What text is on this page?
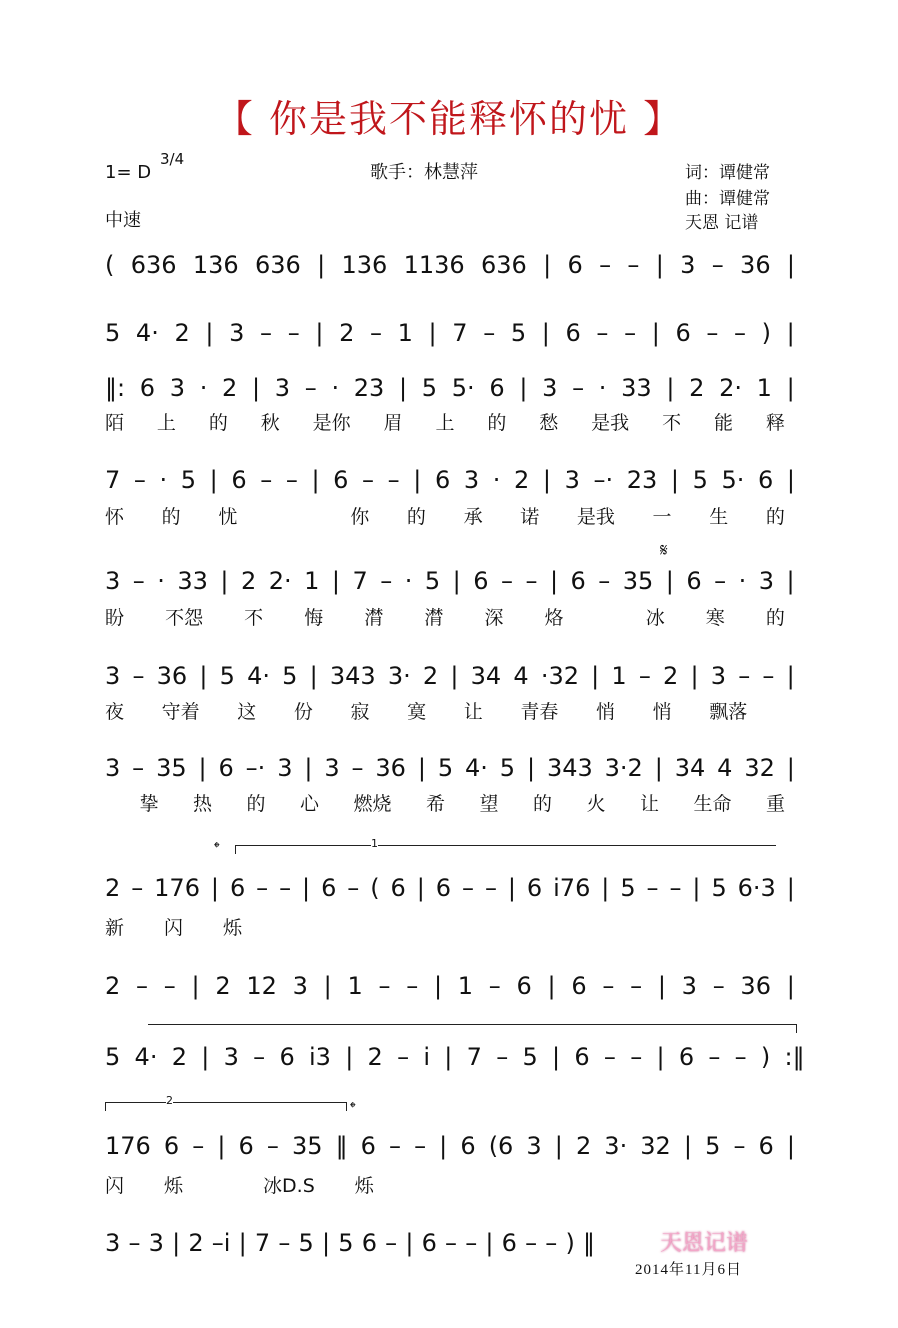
【 你是我不能释怀的忧 】
1= D
3/4
中速
歌手：林慧萍	词：谭健常
曲：谭健常
天恩 记谱
𝄋
𝄌
𝄌
1
2
( 636 136 636 | 136 1136 636 | 6 – – | 3 – 36 |
5 4· 2 | 3 – – | 2 – 1 | 7 – 5 | 6 – – | 6 – – ) |
‖: 6 3 · 2 | 3 – · 23 | 5 5· 6 | 3 – · 33 | 2 2· 1 |
陌 上 的 秋 是你 眉 上 的 愁 是我 不 能 释
7 – · 5 | 6 – – | 6 – – | 6 3 · 2 | 3 –· 23 | 5 5· 6 |
怀 的 忧	你 的 承 诺 是我 一 生 的
3 – · 33 | 2 2· 1 | 7 – · 5 | 6 – – | 6 – 35 | 6 – · 3 |
盼 不怨 不 悔 潸 潸 深 烙	冰 寒 的
3 – 36 | 5 4· 5 | 343 3· 2 | 34 4 ·32 | 1 – 2 | 3 – – |
夜 守着 这 份 寂 寞 让 青春 悄 悄 飘落
3 – 35 | 6 –· 3 | 3 – 36 | 5 4· 5 | 343 3·2 | 34 4 32 |
挚 热 的 心 燃烧 希 望 的 火 让 生命 重
2 – 176 | 6 – – | 6 – ( 6 | 6 – – | 6 i76 | 5 – – | 5 6·3 |
新 闪 烁
2 – – | 2 12 3 | 1 – – | 1 – 6 | 6 – – | 3 – 36 |
5 4· 2 | 3 – 6 i3 | 2 – i | 7 – 5 | 6 – – | 6 – – ) :‖
176 6 – | 6 – 35 ‖ 6 – – | 6 (6 3 | 2 3· 32 | 5 – 6 |
闪 烁	冰D.S 烁
3 – 3 | 2 –i | 7 – 5 | 5 6 – | 6 – – | 6 – – ) ‖	天恩记谱
2014年11月6日
